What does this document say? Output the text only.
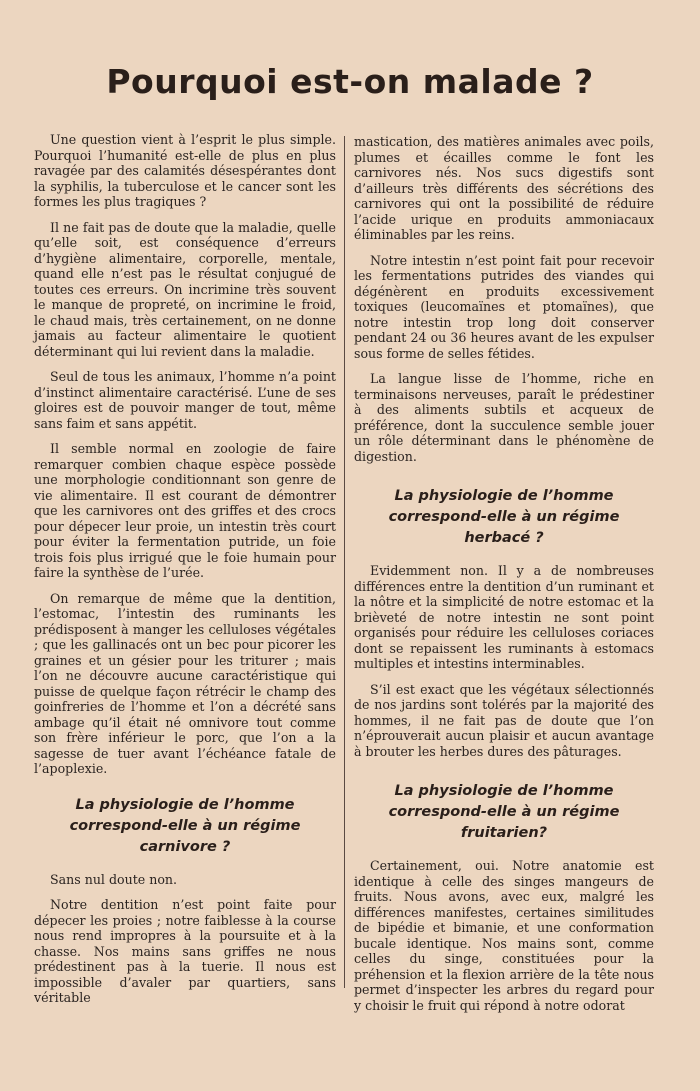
Pourquoi est-on malade ?

Une question vient à l’esprit le plus simple. Pourquoi l’humanité est-elle de plus en plus ravagée par des calamités désespérantes dont la syphilis, la tuberculose et le cancer sont les formes les plus tragiques ?

Il ne fait pas de doute que la maladie, quelle qu’elle soit, est conséquence d’erreurs d’hygiène alimentaire, corporelle, mentale, quand elle n’est pas le résultat conjugué de toutes ces erreurs. On incrimine très souvent le manque de propreté, on incrimine le froid, le chaud mais, très certainement, on ne donne jamais au facteur alimentaire le quotient déterminant qui lui revient dans la maladie.

Seul de tous les animaux, l’homme n’a point d’instinct alimentaire caractérisé. L’une de ses gloires est de pouvoir manger de tout, même sans faim et sans appétit.

Il semble normal en zoologie de faire remarquer combien chaque espèce possède une morphologie conditionnant son genre de vie alimentaire. Il est courant de démontrer que les carnivores ont des griffes et des crocs pour dépecer leur proie, un intestin très court pour éviter la fermentation putride, un foie trois fois plus irrigué que le foie humain pour faire la synthèse de l’urée.

On remarque de même que la dentition, l’estomac, l’intestin des ruminants les prédisposent à manger les celluloses végétales ; que les gallinacés ont un bec pour picorer les graines et un gésier pour les triturer ; mais l’on ne découvre aucune caractéristique qui puisse de quelque façon rétrécir le champ des goinfreries de l’homme et l’on a décrété sans ambage qu’il était né omnivore tout comme son frère inférieur le porc, que l’on a la sagesse de tuer avant l’échéance fatale de l’apoplexie.

La physiologie de l’homme correspond-elle à un régime carnivore ?

Sans nul doute non.

Notre dentition n’est point faite pour dépecer les proies ; notre faiblesse à la course nous rend impropres à la poursuite et à la chasse. Nos mains sans griffes ne nous prédestinent pas à la tuerie. Il nous est impossible d’avaler par quartiers, sans véritable

mastication, des matières animales avec poils, plumes et écailles comme le font les carnivores nés. Nos sucs digestifs sont d’ailleurs très différents des sécrétions des carnivores qui ont la possibilité de réduire l’acide urique en produits ammoniacaux éliminables par les reins.

Notre intestin n’est point fait pour recevoir les fermentations putrides des viandes qui dégénèrent en produits excessivement toxiques (leucomaïnes et ptomaïnes), que notre intestin trop long doit conserver pendant 24 ou 36 heures avant de les expulser sous forme de selles fétides.

La langue lisse de l’homme, riche en terminaisons nerveuses, paraît le prédestiner à des aliments subtils et acqueux de préférence, dont la succulence semble jouer un rôle déterminant dans le phénomène de digestion.

La physiologie de l’homme correspond-elle à un régime herbacé ?

Evidemment non. Il y a de nombreuses différences entre la dentition d’un ruminant et la nôtre et la simplicité de notre estomac et la brièveté de notre intestin ne sont point organisés pour réduire les celluloses coriaces dont se repaissent les ruminants à estomacs multiples et intestins interminables.

S’il est exact que les végétaux sélectionnés de nos jardins sont tolérés par la majorité des hommes, il ne fait pas de doute que l’on n’éprouverait aucun plaisir et aucun avantage à brouter les herbes dures des pâturages.

La physiologie de l’homme correspond-elle à un régime fruitarien?

Certainement, oui. Notre anatomie est identique à celle des singes mangeurs de fruits. Nous avons, avec eux, malgré les différences manifestes, certaines similitudes de bipédie et bimanie, et une conformation bucale identique. Nos mains sont, comme celles du singe, constituées pour la préhension et la flexion arrière de la tête nous permet d’inspecter les arbres du regard pour y choisir le fruit qui répond à notre odorat
